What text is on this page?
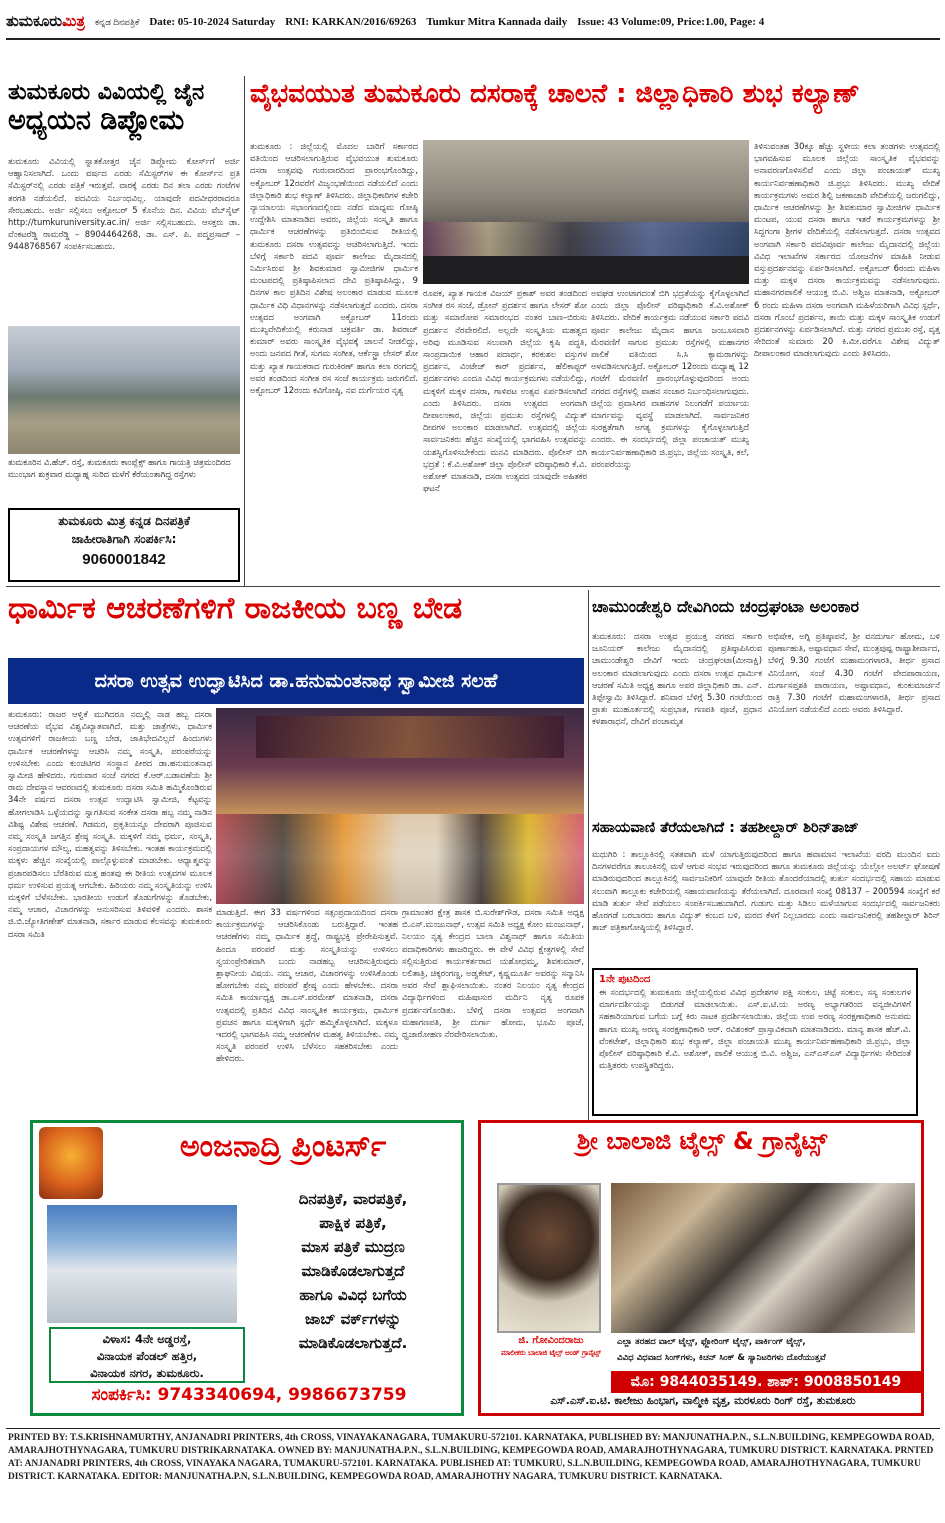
ತುಮಕೂರುಮಿತ್ರ ಕನ್ನಡ ದಿನಪತ್ರಿಕೆ Date: 05-10-2024 Saturday RNI: KARKAN/2016/69263 Tumkur Mitra Kannada daily Issue: 43 Volume:09, Price:1.00, Page: 4
ತುಮಕೂರು ವಿವಿಯಲ್ಲಿ ಜೈನ
ಅಧ್ಯಯನ ಡಿಪ್ಲೋಮ
ತುಮಕೂರು ವಿವಿಯಲ್ಲಿ ಸ್ನಾತಕೋತ್ತರ ಜೈನ ಡಿಪ್ಲೋಮ ಕೋರ್ಸ್‌ಗೆ ಅರ್ಜಿ ಆಹ್ವಾನಿಸಲಾಗಿದೆ. ಒಂದು ವರ್ಷದ ಎರಡು ಸೆಮಿಸ್ಟರ್‌ಗಳ ಈ ಕೋರ್ಸ್‌ನ ಪ್ರತಿ ಸೆಮಿಸ್ಟರ್‌ನಲ್ಲಿ ಎರಡು ಪತ್ರಿಕೆ ಇರುತ್ತವೆ. ವಾರಕ್ಕೆ ಎರಡು ದಿನ ತಲಾ ಎರಡು ಗಂಟೆಗಳ ತರಗತಿ ನಡೆಯಲಿದೆ. ಪದವಿಯ ನಿರ್ಬಂಧವಿಲ್ಲ. ಯಾವುದೇ ಪದವೀಧರರಾದರೂ ಸೇರಬಹುದು. ಅರ್ಜಿ ಸಲ್ಲಿಸಲು ಅಕ್ಟೋಬರ್ 5 ಕೊನೆಯ ದಿನ. ವಿವಿಯ ವೆಬ್‌ಸೈಟ್ http://tumkuruniversity.ac.in/ ಅರ್ಜಿ ಸಲ್ಲಿಸಬಹುದು. ಆಸಕ್ತರು ಡಾ. ವೆಂಕಟರೆಡ್ಡಿ ರಾಮರೆಡ್ಡಿ – 8904464268, ಡಾ. ಎಸ್. ಪಿ. ಪದ್ಮಪ್ರಸಾದ್ – 9448768567 ಸಂಪರ್ಕಿಸಬಹುದು.
ತುಮಕೂರಿನ ವಿ.ಹೆಚ್. ರಸ್ತೆ, ತುಮಕೂರು ಕಾಂಪ್ಲೆಕ್ಸ್ ಹಾಗೂ ಗಾಯತ್ರಿ ಚಿತ್ರಮಂದಿರದ ಮುಂಭಾಗ ಶುಕ್ರವಾರ ಮಧ್ಯಾಹ್ನ ಸುರಿದ ಮಳೆಗೆ ಕೆರೆಯಂತಾಗಿದ್ದ ರಸ್ತೆಗಳು
ತುಮಕೂರು ಮಿತ್ರ ಕನ್ನಡ ದಿನಪತ್ರಿಕೆ
ಜಾಹೀರಾತಿಗಾಗಿ ಸಂಪರ್ಕಿಸಿ:
9060001842
ವೈಭವಯುತ ತುಮಕೂರು ದಸರಾಕ್ಕೆ ಚಾಲನೆ : ಜಿಲ್ಲಾಧಿಕಾರಿ ಶುಭ ಕಲ್ಯಾಣ್
ತುಮಕೂರು : ಜಿಲ್ಲೆಯಲ್ಲಿ ಮೊದಲ ಬಾರಿಗೆ ಸರ್ಕಾರದ ವತಿಯಿಂದ ಆಚರಿಸಲಾಗುತ್ತಿರುವ ವೈಭವಯುತ ತುಮಕೂರು ದಸರಾ ಉತ್ಸವವು ಗುರುವಾರದಿಂದ ಪ್ರಾರಂಭಗೊಂಡಿದ್ದು, ಅಕ್ಟೋಬರ್ 12ರವರೆಗೆ ವಿಜೃಂಭಣೆಯಿಂದ ನಡೆಯಲಿದೆ ಎಂದು ಜಿಲ್ಲಾಧಿಕಾರಿ ಶುಭ ಕಲ್ಯಾಣ್ ತಿಳಿಸಿದರು. ಜಿಲ್ಲಾಧಿಕಾರಿಗಳ ಕಚೇರಿ ನ್ಯಾಯಾಲಯ ಸಭಾಂಗಣದಲ್ಲಿಂದು ನಡೆದ ಮಾಧ್ಯಮ ಗೋಷ್ಠಿ ಉದ್ದೇಶಿಸಿ ಮಾತನಾಡಿದ ಅವರು, ಜಿಲ್ಲೆಯ ಸಂಸ್ಕೃತಿ ಹಾಗೂ ಧಾರ್ಮಿಕ ಆಚರಣೆಗಳನ್ನು ಪ್ರತಿಬಿಂಬಿಸುವ ರೀತಿಯಲ್ಲಿ ತುಮಕೂರು ದಸರಾ ಉತ್ಸವವನ್ನು ಆಚರಿಸಲಾಗುತ್ತಿದೆ. ಇಂದು ಬೆಳಿಗ್ಗೆ ಸರ್ಕಾರಿ ಪದವಿ ಪೂರ್ವ ಕಾಲೇಜು ಮೈದಾನದಲ್ಲಿ ನಿರ್ಮಿಸಿರುವ ಶ್ರೀ ಶಿವಕುಮಾರ ಸ್ವಾಮೀಜಿಗಳ ಧಾರ್ಮಿಕ ಮಂಟಪದಲ್ಲಿ ಪ್ರತಿಷ್ಠಾಪಿಸಲಾದ ದೇವಿ ಪ್ರತಿಷ್ಠಾಪಿಸಿದ್ದು, 9 ದಿನಗಳ ಕಾಲ ಪ್ರತಿದಿನ ವಿಶೇಷ ಅಲಂಕಾರ ಮಾಡುವ ಮೂಲಕ ಧಾರ್ಮಿಕ ವಿಧಿ ವಿಧಾನಗಳನ್ನು ನಡೆಸಲಾಗುತ್ತದೆ ಎಂದರು. ದಸರಾ ಉತ್ಸವದ ಅಂಗವಾಗಿ ಅಕ್ಟೋಬರ್ 11ರಂದು ಮುಖ್ಯವೇದಿಕೆಯಲ್ಲಿ ಕರುನಾಡ ಚಕ್ರವರ್ತಿ ಡಾ. ಶಿವರಾಜ್ ಕುಮಾರ್ ಅವರು ಸಾಂಸ್ಕೃತಿಕ ವೈಭವಕ್ಕೆ ಚಾಲನೆ ನೀಡಲಿದ್ದು, ಅಂದು ಜನಪದ ಗೀತೆ, ಸುಗಮ ಸಂಗೀತ, ಆರ್ಕೆಸ್ಟ್ರಾ ಲೇಸರ್ ಶೋ ಮತ್ತು ಖ್ಯಾತ ಗಾಯಕರಾದ ಗುರುಕಿರಣ್ ಹಾಗೂ ಕಲಾ ರಂಗದಲ್ಲಿ ಅವರ ತಂಡದಿಂದ ಸಂಗೀತ ರಸ ಸಂಜೆ ಕಾರ್ಯಕ್ರಮ ಜರುಗಲಿದೆ. ಅಕ್ಟೋಬರ್ 12ರಂದು ಕವಿಗೋಷ್ಠಿ, ನವ ದುರ್ಗೆಯರ ನೃತ್ಯ
ರೂಪಕ, ಖ್ಯಾತ ಗಾಯಕ ವಿಜಯ್ ಪ್ರಕಾಶ್ ಅವರ ತಂಡದಿಂದ ಸಂಗೀತ ರಸ ಸಂಜೆ, ಡ್ರೋನ್ ಪ್ರದರ್ಶನ ಹಾಗೂ ಲೇಸರ್ ಶೋ ಮತ್ತು ಸಮಾರೋಪ ಸಮಾರಂಭದ ನಂತರ ಬಾಣ–ಬಿರುಸು ಪ್ರದರ್ಶನ ನೆರವೇರಲಿದೆ. ಅಲ್ಲದೇ ಸಂಸ್ಕೃತಿಯ ಮಹತ್ವದ ಅರಿವು ಮೂಡಿಸುವ ಸಲುವಾಗಿ ಜಿಲ್ಲೆಯ ಕೃಷಿ ಪದ್ಧತಿ, ಸಾಂಪ್ರದಾಯಿಕ ಆಹಾರ ಪದಾರ್ಥ, ಕರಕುಶಲ ವಸ್ತುಗಳ ಪ್ರದರ್ಶನ, ವಿಂಟೇಜ್ ಕಾರ್ ಪ್ರದರ್ಶನ, ಹೆಲಿಕಾಪ್ಟರ್ ಪ್ರದರ್ಶನಗಳು ಎಂದೂ ವಿವಿಧ ಕಾರ್ಯಕ್ರಮಗಳು ನಡೆಯಲಿದ್ದು, ಮಕ್ಕಳಿಗೆ ಮಕ್ಕಳ ದಸರಾ, ಗಾಳಿಪಟ ಉತ್ಸವ ಏರ್ಪಡಿಸಲಾಗಿದೆ ಎಂದು ತಿಳಿಸಿದರು. ದಸರಾ ಉತ್ಸವದ ಅಂಗವಾಗಿ ದೀಪಾಲಂಕಾರ, ಜಿಲ್ಲೆಯ ಪ್ರಮುಖ ರಸ್ತೆಗಳಲ್ಲಿ ವಿದ್ಯುತ್ ದೀಪಗಳ ಅಲಂಕಾರ ಮಾಡಲಾಗಿದೆ. ಉತ್ಸವದಲ್ಲಿ ಜಿಲ್ಲೆಯ ಸಾರ್ವಜನಿಕರು ಹೆಚ್ಚಿನ ಸಂಖ್ಯೆಯಲ್ಲಿ ಭಾಗವಹಿಸಿ ಉತ್ಸವವನ್ನು ಯಶಸ್ವಿಗೊಳಿಸಬೇಕೆಂದು ಮನವಿ ಮಾಡಿದರು. ಪೊಲೀಸ್ ಬಿಗಿ ಭದ್ರತೆ : ಕೆ.ವಿ.ಅಶೋಕ್ ಜಿಲ್ಲಾ ಪೊಲೀಸ್ ವರಿಷ್ಠಾಧಿಕಾರಿ ಕೆ.ವಿ. ಅಶೋಕ್ ಮಾತನಾಡಿ, ದಸರಾ ಉತ್ಸವದ ಯಾವುದೇ ಅಹಿತಕರ ಘಟನೆ
ಅವಘಡ ಉಂಟಾಗದಂತೆ ಬಿಗಿ ಭದ್ರತೆಯನ್ನು ಕೈಗೊಳ್ಳಲಾಗಿದೆ ಎಂದು ಜಿಲ್ಲಾ ಪೊಲೀಸ್ ವರಿಷ್ಠಾಧಿಕಾರಿ ಕೆ.ವಿ.ಅಶೋಕ್ ತಿಳಿಸಿದರು. ವೇದಿಕೆ ಕಾರ್ಯಕ್ರಮ ನಡೆಯುವ ಸರ್ಕಾರಿ ಪದವಿ ಪೂರ್ವ ಕಾಲೇಜು ಮೈದಾನ ಹಾಗೂ ಜಂಬೂಸವಾರಿ ಮೆರವಣಿಗೆ ಸಾಗುವ ಪ್ರಮುಖ ರಸ್ತೆಗಳಲ್ಲಿ ಮಹಾನಗರ ಪಾಲಿಕೆ ವತಿಯಿಂದ ಸಿ.ಸಿ ಕ್ಯಾಮರಾಗಳನ್ನು ಅಳವಡಿಸಲಾಗುತ್ತಿದೆ. ಅಕ್ಟೋಬರ್ 12ರಂದು ಮಧ್ಯಾಹ್ನ 12 ಗಂಟೆಗೆ ಮೆರವಣಿಗೆ ಪ್ರಾರಂಭಗೊಳ್ಳುವುದರಿಂದ ಅಂದು ನಗರದ ರಸ್ತೆಗಳಲ್ಲಿ ವಾಹನ ಸಂಚಾರ ನಿರ್ಬಂಧಿಸಲಾಗುವುದು. ಜಿಲ್ಲೆಯ ಪ್ರವಾಸಿಗರ ವಾಹನಗಳ ನಿಲುಗಡೆಗೆ ಪರ್ಯಾಯ ಮಾರ್ಗವನ್ನು ವ್ಯವಸ್ಥೆ ಮಾಡಲಾಗಿದೆ. ಸಾರ್ವಜನಿಕರ ಸುರಕ್ಷತೆಗಾಗಿ ಅಗತ್ಯ ಕ್ರಮಗಳನ್ನು ಕೈಗೊಳ್ಳಲಾಗುತ್ತಿದೆ ಎಂದರು. ಈ ಸಂದರ್ಭದಲ್ಲಿ ಜಿಲ್ಲಾ ಪಂಚಾಯತ್ ಮುಖ್ಯ ಕಾರ್ಯನಿರ್ವಹಣಾಧಿಕಾರಿ ಜಿ.ಪ್ರಭು, ಜಿಲ್ಲೆಯ ಸಂಸ್ಕೃತಿ, ಕಲೆ, ಪರಂಪರೆಯನ್ನು
ತಿಳಿಸುವಂತಹ 30ಕ್ಕೂ ಹೆಚ್ಚು ಸ್ಥಳೀಯ ಕಲಾ ತಂಡಗಳು ಉತ್ಸವದಲ್ಲಿ ಭಾಗವಹಿಸುವ ಮೂಲಕ ಜಿಲ್ಲೆಯ ಸಾಂಸ್ಕೃತಿಕ ವೈಭವವನ್ನು ಅನಾವರಣಗೊಳಿಸಲಿವೆ ಎಂದು ಜಿಲ್ಲಾ ಪಂಚಾಯತ್ ಮುಖ್ಯ ಕಾರ್ಯನಿರ್ವಹಣಾಧಿಕಾರಿ ಜಿ.ಪ್ರಭು ತಿಳಿಸಿದರು. ಮುಖ್ಯ ವೇದಿಕೆ ಕಾರ್ಯಕ್ರಮಗಳು ಅಮರ ಶಿಲ್ಪಿ ಜಕಣಾಚಾರಿ ವೇದಿಕೆಯಲ್ಲಿ ಜರುಗಲಿದ್ದು, ಧಾರ್ಮಿಕ ಆಚರಣೆಗಳನ್ನು ಶ್ರೀ ಶಿವಕುಮಾರ ಸ್ವಾಮೀಜಿಗಳ ಧಾರ್ಮಿಕ ಮಂಟಪ, ಯುವ ದಸರಾ ಹಾಗೂ ಇತರೆ ಕಾರ್ಯಕ್ರಮಗಳನ್ನು ಶ್ರೀ ಸಿದ್ದಗಂಗಾ ಶ್ರೀಗಳ ವೇದಿಕೆಯಲ್ಲಿ ನಡೆಸಲಾಗುತ್ತದೆ. ದಸರಾ ಉತ್ಸವದ ಅಂಗವಾಗಿ ಸರ್ಕಾರಿ ಪದವಿಪೂರ್ವ ಕಾಲೇಜು ಮೈದಾನದಲ್ಲಿ ಜಿಲ್ಲೆಯ ವಿವಿಧ ಇಲಾಖೆಗಳ ಸರ್ಕಾರದ ಯೋಜನೆಗಳ ಮಾಹಿತಿ ನೀಡುವ ವಸ್ತುಪ್ರದರ್ಶನವನ್ನು ಏರ್ಪಡಿಸಲಾಗಿದೆ. ಅಕ್ಟೋಬರ್ 6ರಂದು ಮಹಿಳಾ ಮತ್ತು ಮಕ್ಕಳ ದಸರಾ ಕಾರ್ಯಕ್ರಮವನ್ನು ನಡೆಸಲಾಗುವುದು. ಮಹಾನಗರಪಾಲಿಕೆ ಆಯುಕ್ತ ಬಿ.ವಿ. ಅಶ್ವಿಜ ಮಾತನಾಡಿ, ಅಕ್ಟೋಬರ್ 6 ರಂದು ಮಹಿಳಾ ದಸರಾ ಅಂಗವಾಗಿ ಮಹಿಳೆಯರಿಗಾಗಿ ವಿವಿಧ ಸ್ಪರ್ಧೆ, ದಸರಾ ಗೊಂಬೆ ಪ್ರದರ್ಶನ, ತಾಯಿ ಮತ್ತು ಮಕ್ಕಳ ಸಾಂಸ್ಕೃತಿಕ ಉಡುಗೆ ಪ್ರದರ್ಶನಗಳನ್ನು ಏರ್ಪಡಿಸಲಾಗಿದೆ. ಮತ್ತು ನಗರದ ಪ್ರಮುಖ ರಸ್ತೆ, ವೃತ್ತ ಸೇರಿದಂತೆ ಸುಮಾರು 20 ಕಿ.ಮೀ.ವರೆಗೂ ವಿಶೇಷ ವಿದ್ಯುತ್ ದೀಪಾಲಂಕಾರ ಮಾಡಲಾಗುವುದು ಎಂದು ತಿಳಿಸಿದರು.
ಧಾರ್ಮಿಕ ಆಚರಣೆಗಳಿಗೆ ರಾಜಕೀಯ ಬಣ್ಣ ಬೇಡ
ದಸರಾ ಉತ್ಸವ ಉದ್ಘಾಟಿಸಿದ ಡಾ.ಹನುಮಂತನಾಥ ಸ್ವಾಮೀಜಿ ಸಲಹೆ
ತುಮಕೂರು: ರಾಜರ ಆಳ್ವಿಕೆ ಮುಗಿದರೂ ನಮ್ಮಲ್ಲಿ ನಾಡ ಹಬ್ಬ ದಸರಾ ಆಚರಣೆಯ ವೈಭವ ವಿಶ್ವವಿಖ್ಯಾತವಾಗಿದೆ. ಮತ್ತು ಜಾತ್ರೆಗಳು, ಧಾರ್ಮಿಕ ಉತ್ಸವಗಳಿಗೆ ರಾಜಕೀಯ ಬಣ್ಣ ಬೇಡ, ಜಾತಿಭೇದವಿಲ್ಲದೆ ಹಿಂದುಗಳು ಧಾರ್ಮಿಕ ಆಚರಣೆಗಳನ್ನು ಆಚರಿಸಿ ನಮ್ಮ ಸಂಸ್ಕೃತಿ, ಪರಂಪರೆಯನ್ನು ಉಳಿಸಬೇಕು ಎಂದು ಕುಂಚಿಟಿಗರ ಸಂಸ್ಥಾನ ಪೀಠದ ಡಾ.ಹನುಮಂತನಾಥ ಸ್ವಾಮೀಜಿ ಹೇಳಿದರು. ಗುರುವಾರ ಸಂಜೆ ನಗರದ ಕೆ.ಆರ್.ಬಡಾವಣೆಯ ಶ್ರೀ ರಾಮ ದೇವಸ್ಥಾನ ಆವರಣದಲ್ಲಿ ತುಮಕೂರು ದಸರಾ ಸಮಿತಿ ಹಮ್ಮಿಕೊಂಡಿರುವ 34ನೇ ವರ್ಷದ ದಸರಾ ಉತ್ಸವ ಉದ್ಘಾಟಿಸಿ ಸ್ವಾಮೀಜಿ, ಕೆಟ್ಟವನ್ನು ಹೋಗಲಾಡಿಸಿ ಒಳ್ಳೆಯದನ್ನು ಸ್ವಾಗತಿಸುವ ಸಂಕೇತ ದಸರಾ ಹಬ್ಬ ನಮ್ಮ ನಾಡಿನ ವಿಶಿಷ್ಟ ವಿಶೇಷ ಆಚರಣೆ. ಗಿಡಮರ, ಪ್ರಕೃತಿಯನ್ನೂ ದೇವರಾಗಿ ಪೂಜಿಸುವ ನಮ್ಮ ಸಂಸ್ಕೃತಿ ಜಗತ್ತಿನ ಶ್ರೇಷ್ಠ ಸಂಸ್ಕೃತಿ. ಮಕ್ಕಳಿಗೆ ನಮ್ಮ ಧರ್ಮ, ಸಂಸ್ಕೃತಿ, ಸಂಪ್ರದಾಯಗಳ ಮೌಲ್ಯ, ಮಹತ್ವವನ್ನು ತಿಳಿಸಬೇಕು. ಇಂತಹ ಕಾರ್ಯಕ್ರಮದಲ್ಲಿ ಮಕ್ಕಳು ಹೆಚ್ಚಿನ ಸಂಖ್ಯೆಯಲ್ಲಿ ಪಾಲ್ಗೊಳ್ಳುವಂತೆ ಮಾಡಬೇಕು. ಆಧ್ಯಾತ್ಮವನ್ನು ಪ್ರಚಾರಪಡಿಸಲು ಬೆರೆತಿರುವ ಮತ್ತ ಹಂತವು ಈ ರೀತಿಯ ಉತ್ಸವಗಳ ಮೂಲಕ ಧರ್ಮ ಉಳಿಸುವ ಪ್ರಯತ್ನ ಆಗಬೇಕು. ಹಿರಿಯರು ನಮ್ಮ ಸಂಸ್ಕೃತಿಯನ್ನು ಉಳಿಸಿ ಮಕ್ಕಳಿಗೆ ಬೆಳೆಸಬೇಕು. ಭಾರತೀಯ ಉಡುಗೆ ತೊಡುಗೆಗಳನ್ನು ತೊಡಬೇಕು, ನಮ್ಮ ಆಚಾರ, ವಿಚಾರಗಳನ್ನು ಅನುಸರಿಸುವ ತಿಳಿವಳಿಕೆ ಎಂದರು. ಶಾಸಕ ಜಿ.ಬಿ.ಜ್ಯೋತಿಗಣೇಶ್ ಮಾತನಾಡಿ, ಸರ್ಕಾರ ಮಾಡುವ ಕೆಲಸವನ್ನು ತುಮಕೂರು ದಸರಾ ಸಮಿತಿ
ಮಾಡುತ್ತಿದೆ. ಈಗ 33 ವರ್ಷಗಳಿಂದ ಸತ್ಸಂಪ್ರದಾಯದಿಂದ ದಸರಾ ಕಾರ್ಯಕ್ರಮಗಳನ್ನು ಆಚರಿಸಿಕೊಂಡು ಬರುತ್ತಿದ್ದಾರೆ. ಇಂತಹ ಆಚರಣೆಗಳು ನಮ್ಮ ಧಾರ್ಮಿಕ ಶ್ರದ್ಧೆ, ರಾಷ್ಟ್ರಭಕ್ತಿ ಪ್ರೇರೇಪಿಸುತ್ತವೆ. ಹಿಂದೂ ಪರಂಪರೆ ಮತ್ತು ಸಂಸ್ಕೃತಿಯನ್ನು ಉಳಿಸಲು ಸ್ವಯಂಪ್ರೇರಿತವಾಗಿ ಬಂದು ನಾಡಹಬ್ಬ ಆಚರಿಸುತ್ತಿರುವುದು ಶ್ಲಾಘನೀಯ ವಿಷಯ. ನಮ್ಮ ಆಚಾರ, ವಿಚಾರಗಳನ್ನು ಉಳಿಸಿಕೊಂಡು ಹೋಗಬೇಕು ನಮ್ಮ ಪರಂಪರೆ ಶ್ರೇಷ್ಠ ಎಂದು ಹೇಳಬೇಕು. ದಸರಾ ಸಮಿತಿ ಕಾರ್ಯಾಧ್ಯಕ್ಷ ಡಾ.ಎಸ್.ಪರಮೇಶ್ ಮಾತನಾಡಿ, ದಸರಾ ಉತ್ಸವದಲ್ಲಿ ಪ್ರತಿದಿನ ವಿವಿಧ ಸಾಂಸ್ಕೃತಿಕ ಕಾರ್ಯಕ್ರಮ, ಧಾರ್ಮಿಕ ಪ್ರವಚನ ಹಾಗೂ ಮಕ್ಕಳಿಗಾಗಿ ಸ್ಪರ್ಧೆ ಹಮ್ಮಿಕೊಳ್ಳಲಾಗಿದೆ. ಮಕ್ಕಳೂ ಇದರಲ್ಲಿ ಭಾಗವಹಿಸಿ ನಮ್ಮ ಆಚರಣೆಗಳ ಮಹತ್ವ ತಿಳಿಯಬೇಕು. ನಮ್ಮ ಸಂಸ್ಕೃತಿ ಪರಂಪರೆ ಉಳಿಸಿ ಬೆಳೆಸಲು ಸಹಕರಿಸಬೇಕು ಎಂದು ಹೇಳಿದರು.
ಗ್ರಾಮಾಂತರ ಕ್ಷೇತ್ರ ಶಾಸಕ ಬಿ.ಸುರೇಶ್‌ಗೌಡ, ದಸರಾ ಸಮಿತಿ ಅಧ್ಯಕ್ಷ ಬಿ.ಎಸ್.ಮಂಜುನಾಥ್, ಉತ್ಸವ ಸಮಿತಿ ಅಧ್ಯಕ್ಷ ಕೋಂ ಮಂಜುನಾಥ್, ನಿಲಯಂ ನೃತ್ಯ ಕೇಂದ್ರದ ಬಾಲಾ ವಿಶ್ವನಾಥ್ ಹಾಗೂ ಸಮಿತಿಯ ಪದಾಧಿಕಾರಿಗಳು ಹಾಜರಿದ್ದರು. ಈ ವೇಳೆ ವಿವಿಧ ಕ್ಷೇತ್ರಗಳಲ್ಲಿ ಸೇವೆ ಸಲ್ಲಿಸುತ್ತಿರುವ ಕಾರ್ಯಕರ್ತರಾದ ಯಶೋಧಮ್ಮ, ಶಿವಕುಮಾರ್, ಲಲಿತಾತ್ರಿ, ಚಿಕ್ಕರಂಗಣ್ಣ, ಅಡ್ವಕೇಟ್, ಕೃಷ್ಣಮೂರ್ತಿ ಅವರನ್ನು ಸನ್ಮಾನಿಸಿ ಅವರ ಸೇವೆ ಶ್ಲಾಘಿಸಲಾಯಿತು. ನಂತರ ನಿಲಯಂ ನೃತ್ಯ ಕೇಂದ್ರದ ವಿದ್ಯಾರ್ಥಿಗಳಿಂದ ಮಹಿಷಾಸುರ ಮರ್ದಿನಿ ನೃತ್ಯ ರೂಪಕ ಪ್ರದರ್ಶನಗೊಂಡಿತು. ಬೆಳಿಗ್ಗೆ ದಸರಾ ಉತ್ಸವದ ಅಂಗವಾಗಿ ಮಹಾಗಣಪತಿ, ಶ್ರೀ ದುರ್ಗಾ ಹೋಮ, ಭೂಮಿ ಪೂಜೆ, ಧ್ವಜಾರೋಹಣ ನೆರವೇರಿಸಲಾಯಿತು.
ಚಾಮುಂಡೇಶ್ವರಿ ದೇವಿಗಿಂದು ಚಂದ್ರಘಂಟಾ ಅಲಂಕಾರ
ತುಮಕೂರು: ದಸರಾ ಉತ್ಸವ ಪ್ರಯುಕ್ತ ನಗರದ ಸರ್ಕಾರಿ ಜೂನಿಯರ್ ಕಾಲೇಜು ಮೈದಾನದಲ್ಲಿ ಪ್ರತಿಷ್ಠಾಪಿಸಿರುವ ಚಾಮುಂಡೇಶ್ವರಿ ದೇವಿಗೆ ಇಂದು ಚಂದ್ರಘಂಟಾ(ಮೀನಾಕ್ಷಿ) ಅಲಂಕಾರ ಮಾಡಲಾಗುವುದು ಎಂದು ದಸರಾ ಉತ್ಸವ ಧಾರ್ಮಿಕ ಆಚರಣೆ ಸಮಿತಿ ಅಧ್ಯಕ್ಷ ಹಾಗೂ ಅಪರ ಜಿಲ್ಲಾಧಿಕಾರಿ ಡಾ. ಎನ್. ತಿಪ್ಪೇಸ್ವಾಮಿ ತಿಳಿಸಿದ್ದಾರೆ. ಶನಿವಾರ ಬೆಳಿಗ್ಗೆ 5.30 ಗಂಟೆಯಿಂದ ಪ್ರಾತಃ ಮುಹೂರ್ತದಲ್ಲಿ ಸುಪ್ರಭಾತ, ಗಣಪತಿ ಪೂಜೆ, ಪ್ರಧಾನ ಕಳಶಾರಾಧನೆ, ದೇವಿಗೆ ಪಂಚಾಮೃತ
ಅಭಿಷೇಕ, ಅಗ್ನಿ ಪ್ರತಿಷ್ಠಾಪನೆ, ಶ್ರೀ ವನದುರ್ಗಾ ಹೋಮ, ಬಳಿ ಪೂರ್ಣಾಹುತಿ, ಅಷ್ಟಾವಧಾನ ಸೇವೆ, ಮಂತ್ರಪುಷ್ಪ ರಾಷ್ಟ್ರಾಶೀರ್ವಾದ, ಬೆಳಿಗ್ಗೆ 9.30 ಗಂಟೆಗೆ ಮಹಾಮಂಗಳಾರತಿ, ತೀರ್ಥ ಪ್ರಸಾದ ವಿನಿಯೋಗ, ಸಂಜೆ 4.30 ಗಂಟೆಗೆ ವೇದಪಾರಾಯಣ, ದುರ್ಗಾಸಪ್ತಶತಿ ಪಾರಾಯಣ, ಅಷ್ಟಾವಧಾನ, ಕುಂಕುಮಾರ್ಚನೆ ರಾತ್ರಿ 7.30 ಗಂಟೆಗೆ ಮಹಾಮಂಗಳಾರತಿ, ತೀರ್ಥ ಪ್ರಸಾದ ವಿನಿಯೋಗ ನಡೆಯಲಿದೆ ಎಂದು ಅವರು ತಿಳಿಸಿದ್ದಾರೆ.
ಸಹಾಯವಾಣಿ ತೆರೆಯಲಾಗಿದೆ : ತಹಶೀಲ್ದಾರ್ ಶಿರಿನ್‌ತಾಜ್
ಮಧುಗಿರಿ : ತಾಲ್ಲೂಕಿನಲ್ಲಿ ಸತತವಾಗಿ ಮಳೆ ಯಾಗುತ್ತಿರುವುದರಿಂದ ಹಾಗೂ ಹವಾಮಾನ ಇಲಾಖೆಯ ವರದಿ ಮುಂದಿನ ಐದು ದಿನಗಳವರೆಗೂ ತಾಲೂಕಿನಲ್ಲಿ ಮಳೆ ಆಗುವ ಸಂಭವ ಇರುವುದರಿಂದ ಹಾಗೂ ತುಮಕೂರು ಜಿಲ್ಲೆಯನ್ನು ಯೆಲ್ಲೋ ಅಲರ್ಟ್ ಘೋಷಣೆ ಮಾಡಿರುವುದರಿಂದ ತಾಲ್ಲೂಕಿನಲ್ಲಿ ಸಾರ್ವಜನಿಕರಿಗೆ ಯಾವುದೇ ರೀತಿಯ ತೊಂದರೆಯಾದಲ್ಲಿ ತುರ್ತು ಸಂದರ್ಭದಲ್ಲಿ ಸಹಾಯ ಮಾಡುವ ಸಲುವಾಗಿ ತಾಲ್ಲೂಕು ಕಚೇರಿಯಲ್ಲಿ ಸಹಾಯವಾಣಿಯನ್ನು ತೆರೆಯಲಾಗಿದೆ. ದೂರವಾಣಿ ಸಂಖ್ಯೆ 08137 – 200594 ಸಂಖ್ಯೆಗೆ ಕರೆ ಮಾಡಿ ತುರ್ತು ಸೇವೆ ಪಡೆಯಲು ಸಂಪರ್ಕಿಸಬಹುದಾಗಿದೆ. ಗುಡುಗು ಮತ್ತು ಸಿಡಿಲು ಮಳೆಯಾಗುವ ಸಂದರ್ಭದಲ್ಲಿ ಸಾರ್ವಜನಿಕರು ಹೊರಗಡೆ ಬರಬಾರದು ಹಾಗೂ ವಿದ್ಯುತ್ ಕಂಬದ ಬಳಿ, ಮರದ ಕೆಳಗೆ ನಿಲ್ಲಬಾರದು ಎಂದು ಸಾರ್ವಜನಿಕರಲ್ಲಿ ತಹಶೀಲ್ದಾರ್ ಶಿರಿನ್ ತಾಜ್ ಪತ್ರಿಕಾಗೋಷ್ಠಿಯಲ್ಲಿ ತಿಳಿಸಿದ್ದಾರೆ.
1ನೇ ಪುಟದಿಂದ
ಈ ಸಂದರ್ಭದಲ್ಲಿ ತುಮಕೂರು ಜಿಲ್ಲೆಯಲ್ಲಿರುವ ವಿವಿಧ ಪ್ರದೇಶಗಳ ಪಕ್ಷಿ ಸಂಕುಲ, ಚಿಟ್ಟೆ ಸಂಕುಲ, ಸಸ್ಯ ಸಂಕುಲಗಳ ಮಾರ್ಗದರ್ಶಿಯನ್ನು ಬಿಡುಗಡೆ ಮಾಡಲಾಯಿತು. ಎಸ್.ಐ.ಟಿ.ಯ ಅರಣ್ಯ ಅಭ್ಯಾಗತರಿಂದ ವನ್ಯಜೀವಿಗಳಿಗೆ ಸಹಕಾರಿಯಾಗುವ ಬಗೆಯ ಬಗ್ಗೆ ಕಿರು ನಾಟಕ ಪ್ರದರ್ಶಿಸಲಾಯಿತು. ಜಿಲ್ಲೆಯ ಉಪ ಅರಣ್ಯ ಸಂರಕ್ಷಣಾಧಿಕಾರಿ ಅನುಪಮ ಹಾಗೂ ಮುಖ್ಯ ಅರಣ್ಯ ಸಂರಕ್ಷಣಾಧಿಕಾರಿ ಆರ್. ರವಿಶಂಕರ್ ಪ್ರಾಸ್ತಾವಿಕವಾಗಿ ಮಾತನಾಡಿದರು. ಮಾನ್ಯ ಶಾಸಕ ಹೆಚ್.ವಿ. ವೆಂಕಟೇಶ್, ಜಿಲ್ಲಾಧಿಕಾರಿ ಶುಭ ಕಲ್ಯಾಣ್, ಜಿಲ್ಲಾ ಪಂಚಾಯತಿ ಮುಖ್ಯ ಕಾರ್ಯನಿರ್ವಹಣಾಧಿಕಾರಿ ಜಿ.ಪ್ರಭು, ಜಿಲ್ಲಾ ಪೊಲೀಸ್ ವರಿಷ್ಠಾಧಿಕಾರಿ ಕೆ.ವಿ. ಅಶೋಕ್, ಪಾಲಿಕೆ ಆಯುಕ್ತ ಬಿ.ವಿ. ಅಶ್ವಿಜ, ಎನ್‌ಎಸ್‌ಎಸ್ ವಿದ್ಯಾರ್ಥಿಗಳು ಸೇರಿದಂತೆ ಮತ್ತಿತರರು ಉಪಸ್ಥಿತರಿದ್ದರು.
ಅಂಜನಾದ್ರಿ ಪ್ರಿಂಟರ್ಸ್
ದಿನಪತ್ರಿಕೆ, ವಾರಪತ್ರಿಕೆ,
ಪಾಕ್ಷಿಕ ಪತ್ರಿಕೆ,
ಮಾಸ ಪತ್ರಿಕೆ ಮುದ್ರಣ
ಮಾಡಿಕೊಡಲಾಗುತ್ತದೆ
ಹಾಗೂ ವಿವಿಧ ಬಗೆಯ
ಜಾಬ್ ವರ್ಕ್‌ಗಳನ್ನು
ಮಾಡಿಕೊಡಲಾಗುತ್ತದೆ.
ವಿಳಾಸ: 4ನೇ ಅಡ್ಡರಸ್ತೆ,
ವಿನಾಯಕ ಪೆಂಡಲ್ ಹತ್ತಿರ,
ವಿನಾಯಕ ನಗರ, ತುಮಕೂರು.
ಸಂಪರ್ಕಿಸಿ: 9743340694, 9986673759
ಶ್ರೀ ಬಾಲಾಜಿ ಟೈಲ್ಸ್ & ಗ್ರಾನೈಟ್ಸ್
ಜಿ. ಗೋವಿಂದರಾಜು
ಮಾಲೀಕರು ಬಾಲಾಜಿ ಟೈಲ್ಸ್ ಅಂಡ್ ಗ್ರಾನೈಟ್ಸ್
ಎಲ್ಲಾ ತರಹದ ವಾಲ್ ಟೈಲ್ಸ್, ಫ್ಲೋರಿಂಗ್ ಟೈಲ್ಸ್, ಪಾರ್ಕಿಂಗ್ ಟೈಲ್ಸ್,
ವಿವಿಧ ವಿಧವಾದ ಸಿಂಗ್‌ಗಳು, ಕಿಚನ್ ಸಿಂಕ್ & ಸ್ಯಾನಿಟರಿಗಳು ದೊರೆಯುತ್ತವೆ
ಮೊ: 9844035149. ಶಾಪ್: 9008850149
ಎಸ್.ಎಸ್.ಐ.ಟಿ. ಕಾಲೇಜು ಹಿಂಭಾಗ, ವಾಲ್ಮೀಕಿ ವೃತ್ತ, ಮರಳೂರು ರಿಂಗ್ ರಸ್ತೆ, ತುಮಕೂರು
PRINTED BY: T.S.KRISHNAMURTHY, ANJANADRI PRINTERS, 4th CROSS, VINAYAKANAGARA, TUMAKURU-572101. KARNATAKA, PUBLISHED BY: MANJUNATHA.P.N., S.L.N.BUILDING, KEMPEGOWDA ROAD, AMARAJHOTHYNAGARA, TUMKURU DISTRIKARNATAKA. OWNED BY: MANJUNATHA.P.N., S.L.N.BUILDING, KEMPEGOWDA ROAD, AMARAJHOTHYNAGARA, TUMKURU DISTRICT. KARNATAKA. PRNTED AT: ANJANADRI PRINTERS, 4th CROSS, VINAYAKA NAGARA, TUMAKURU-572101. KARNATAKA. PUBLISHED AT: TUMKURU, S.L.N.BUILDING, KEMPEGOWDA ROAD, AMARAJHOTHYNAGARA, TUMKURU DISTRICT. KARNATAKA. EDITOR: MANJUNATHA.P.N, S.L.N.BUILDING, KEMPEGOWDA ROAD, AMARAJHOTHY NAGARA, TUMKURU DISTRICT. KARNATAKA.
